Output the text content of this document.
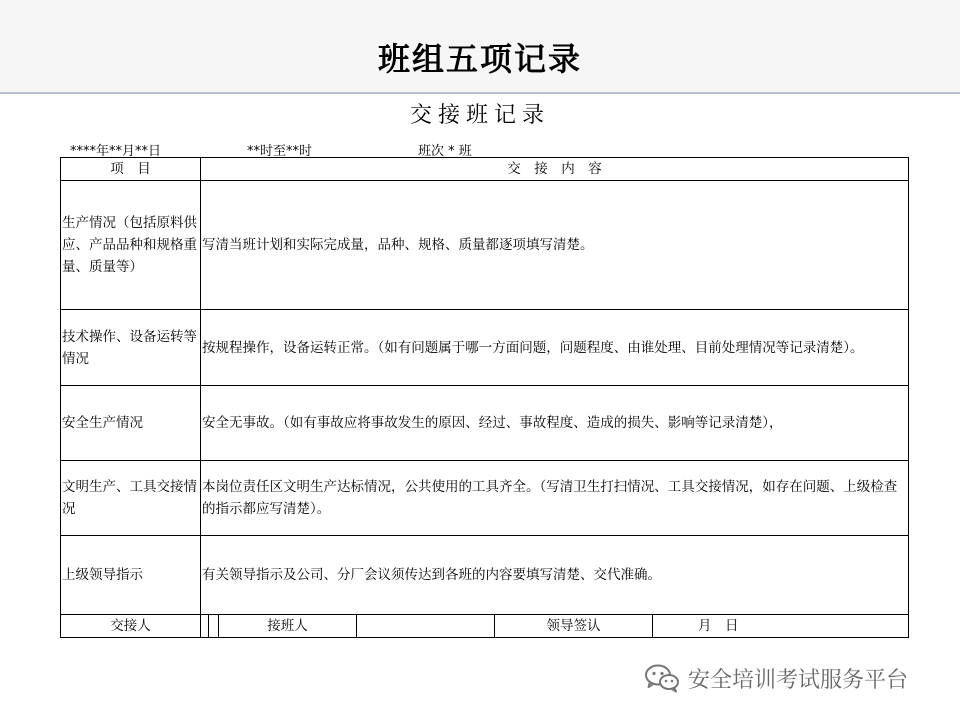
班组五项记录
交接班记录
****年**月**日	**时至**时	班次 * 班
项　目	交　接　内　容					
生产情况（包括原料供应、产品品种和规格重量、质量等）	写清当班计划和实际完成量，品种、规格、质量都逐项填写清楚。					
技术操作、设备运转等情况	按规程操作，设备运转正常。（如有问题属于哪一方面问题，问题程度、由谁处理、目前处理情况等记录清楚）。					
安全生产情况	安全无事故。（如有事故应将事故发生的原因、经过、事故程度、造成的损失、影响等记录清楚），					
文明生产、工具交接情况	本岗位责任区文明生产达标情况，公共使用的工具齐全。（写清卫生打扫情况、工具交接情况，如存在问题、上级检查的指示都应写清楚）。					
上级领导指示	有关领导指示及公司、分厂会议须传达到各班的内容要填写清楚、交代准确。					
交接人			接班人		领导签认	月　日
安全培训考试服务平台
